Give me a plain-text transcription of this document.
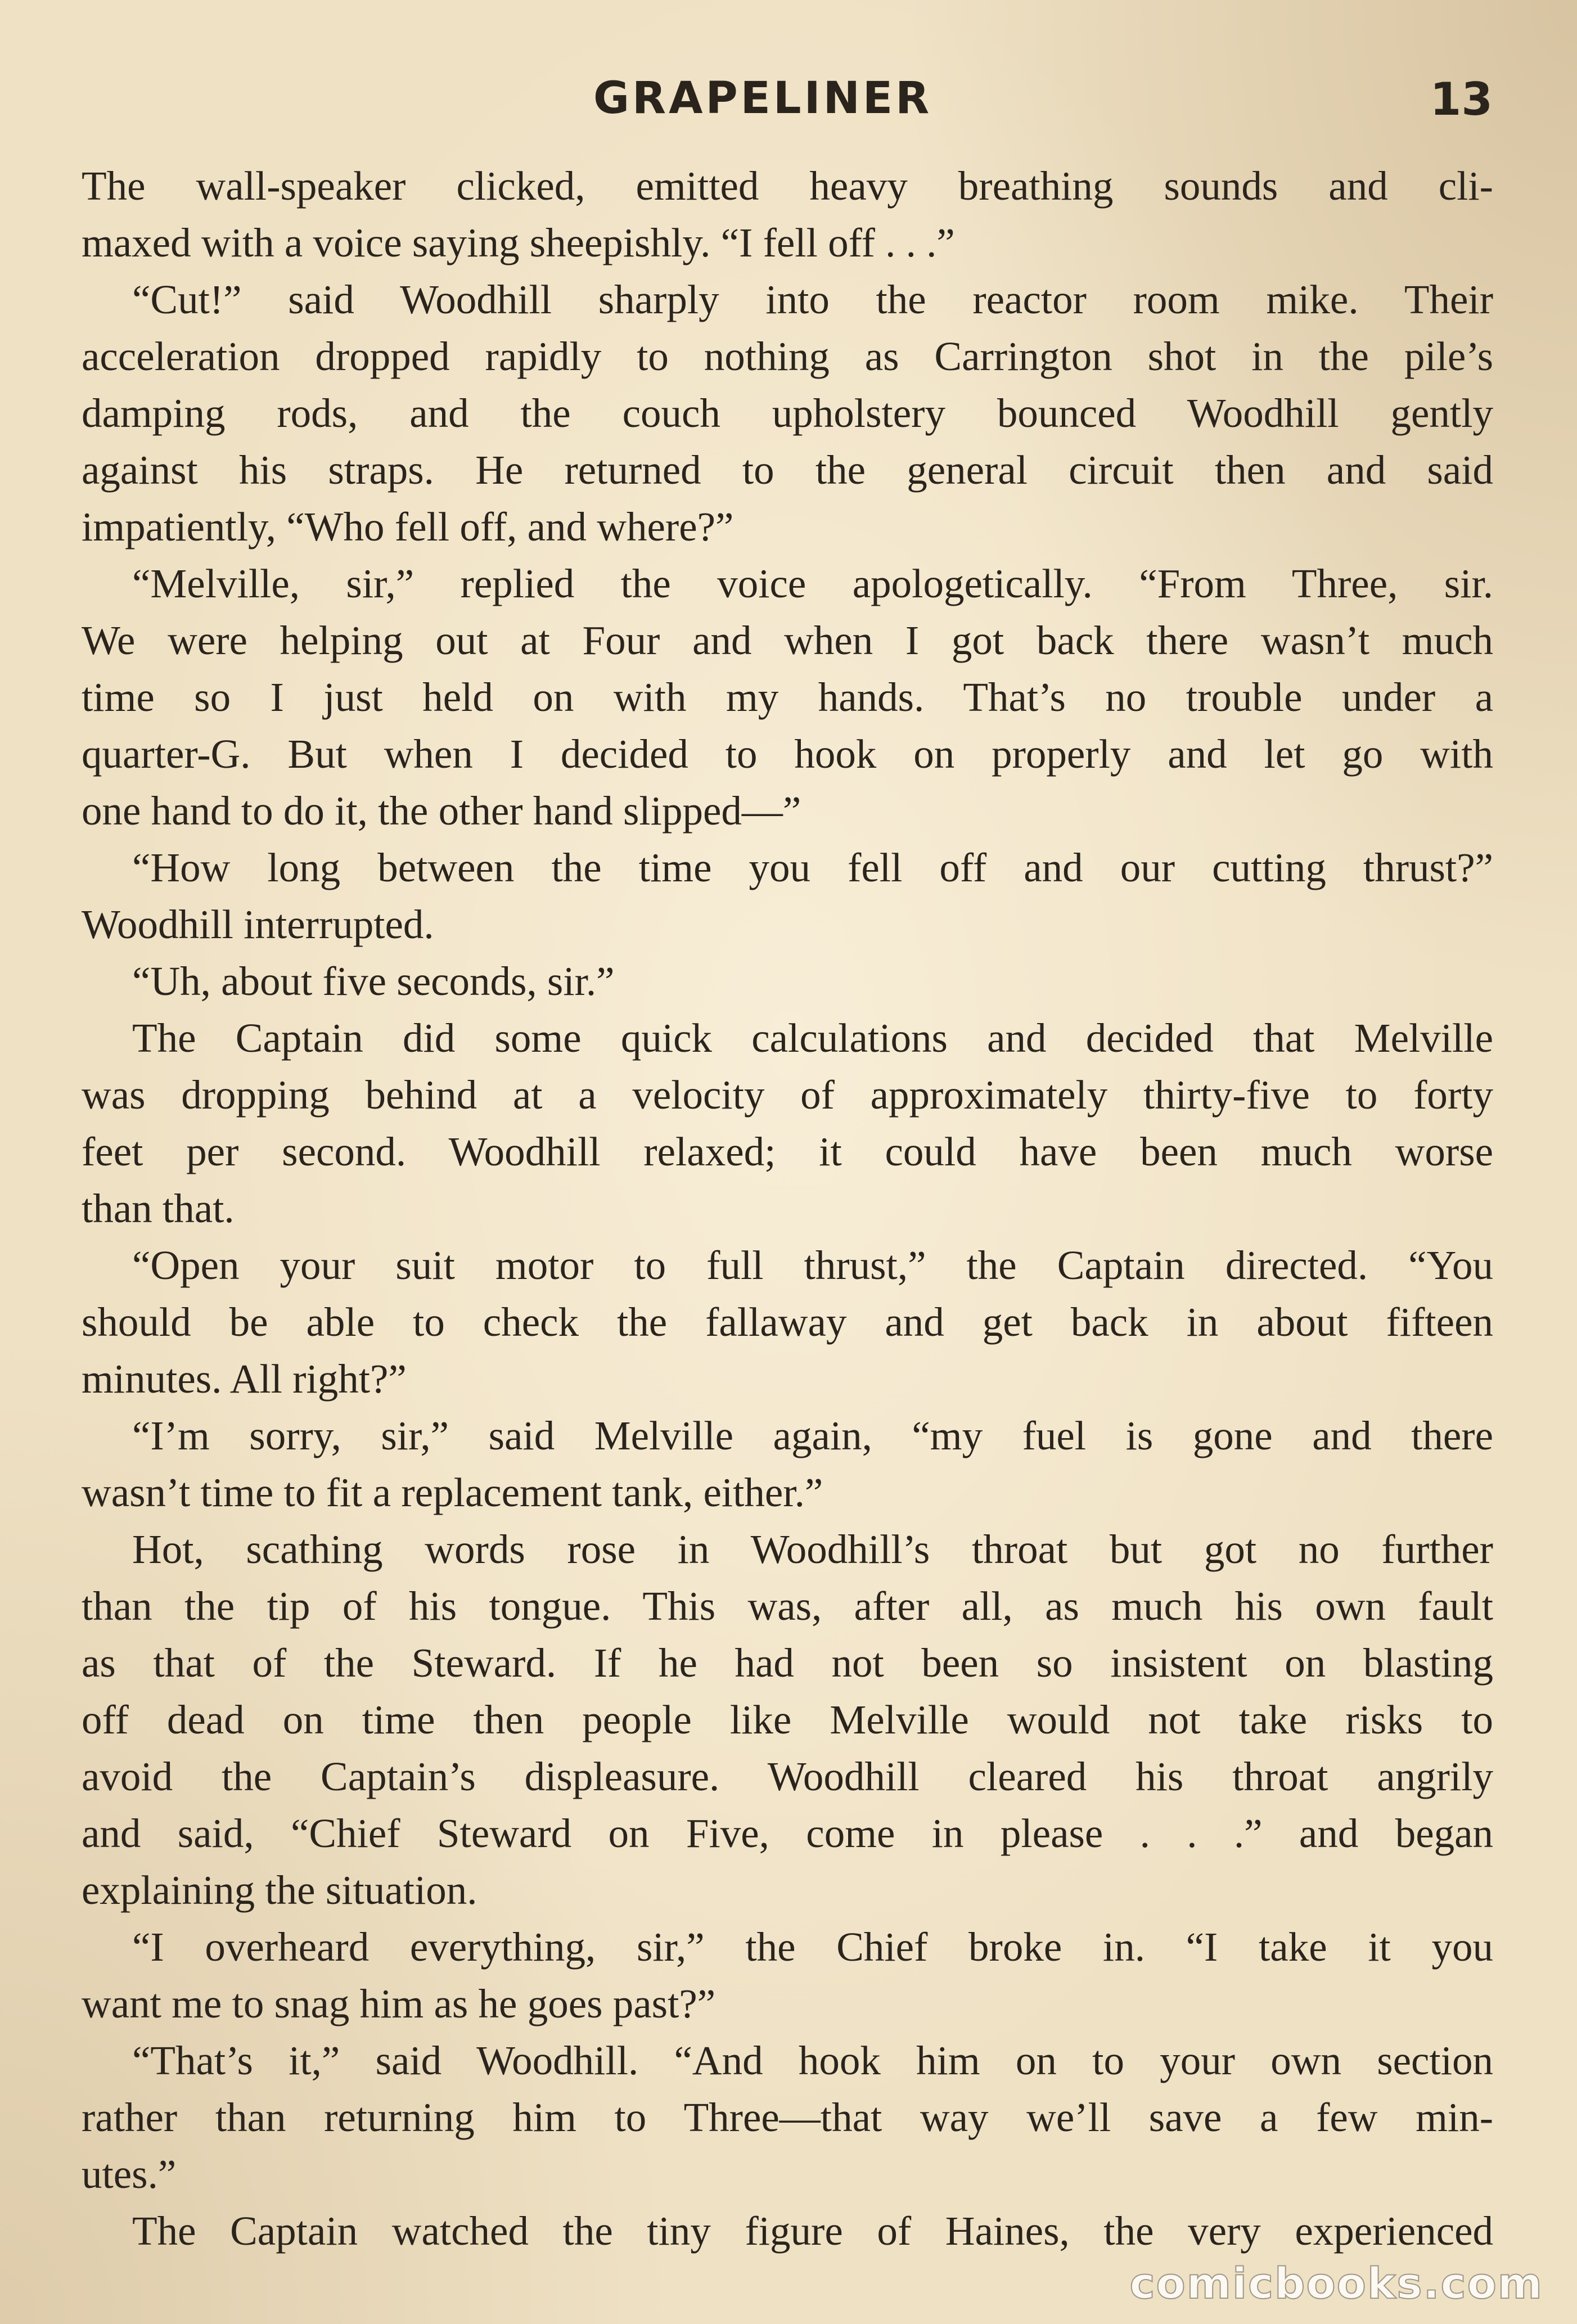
GRAPELINER	13
The wall-speaker clicked, emitted heavy breathing sounds and cli-
maxed with a voice saying sheepishly. “I fell off . . .”
“Cut!” said Woodhill sharply into the reactor room mike. Their
acceleration dropped rapidly to nothing as Carrington shot in the pile’s
damping rods, and the couch upholstery bounced Woodhill gently
against his straps. He returned to the general circuit then and said
impatiently, “Who fell off, and where?”
“Melville, sir,” replied the voice apologetically. “From Three, sir.
We were helping out at Four and when I got back there wasn’t much
time so I just held on with my hands. That’s no trouble under a
quarter-G. But when I decided to hook on properly and let go with
one hand to do it, the other hand slipped—”
“How long between the time you fell off and our cutting thrust?”
Woodhill interrupted.
“Uh, about five seconds, sir.”
The Captain did some quick calculations and decided that Melville
was dropping behind at a velocity of approximately thirty-five to forty
feet per second. Woodhill relaxed; it could have been much worse
than that.
“Open your suit motor to full thrust,” the Captain directed. “You
should be able to check the fallaway and get back in about fifteen
minutes. All right?”
“I’m sorry, sir,” said Melville again, “my fuel is gone and there
wasn’t time to fit a replacement tank, either.”
Hot, scathing words rose in Woodhill’s throat but got no further
than the tip of his tongue. This was, after all, as much his own fault
as that of the Steward. If he had not been so insistent on blasting
off dead on time then people like Melville would not take risks to
avoid the Captain’s displeasure. Woodhill cleared his throat angrily
and said, “Chief Steward on Five, come in please . . .” and began
explaining the situation.
“I overheard everything, sir,” the Chief broke in. “I take it you
want me to snag him as he goes past?”
“That’s it,” said Woodhill. “And hook him on to your own section
rather than returning him to Three—that way we’ll save a few min-
utes.”
The Captain watched the tiny figure of Haines, the very experienced
comicbooks.com
